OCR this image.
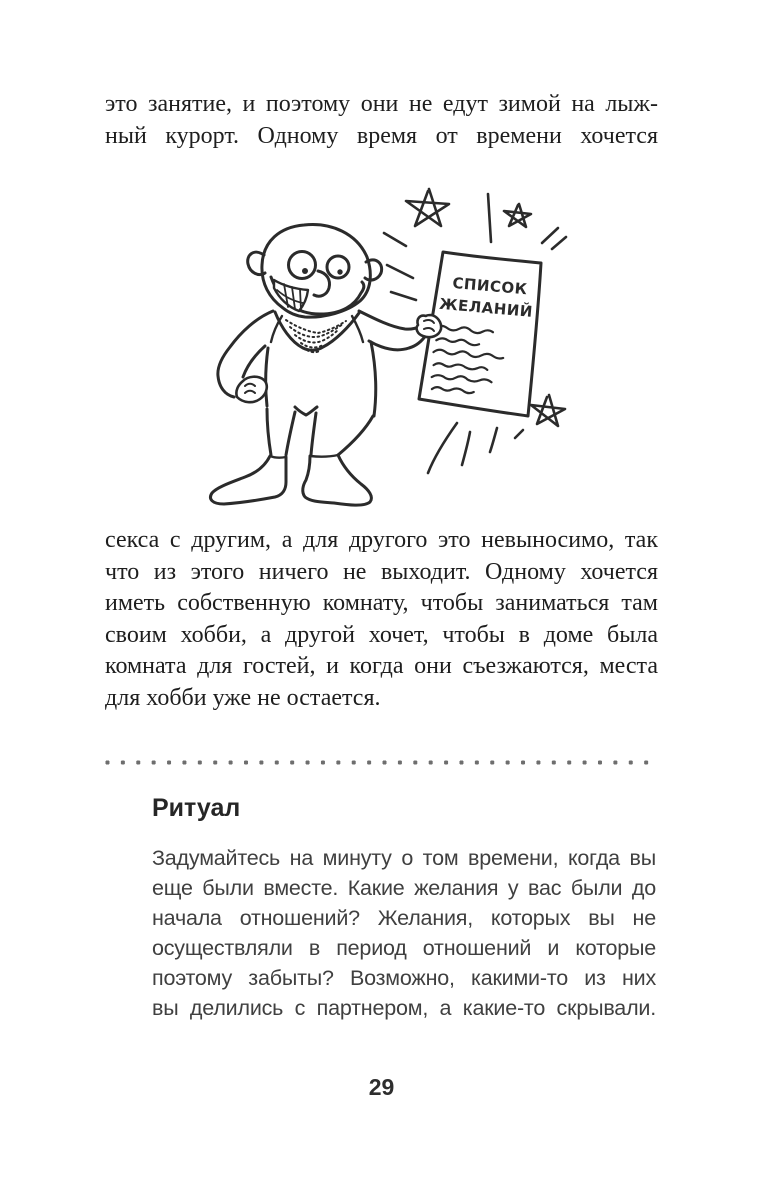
это занятие, и поэтому они не едут зимой на лыж-
ный курорт. Одному время от времени хочется
СПИСОК
ЖЕЛАНИЙ
секса с другим, а для другого это невыносимо, так
что из этого ничего не выходит. Одному хочется
иметь собственную комнату, чтобы заниматься там
своим хобби, а другой хочет, чтобы в доме была
комната для гостей, и когда они съезжаются, места
для хобби уже не остается.
Ритуал
Задумайтесь на минуту о том времени, когда вы
еще были вместе. Какие желания у вас были до
начала отношений? Желания, которых вы не
осуществляли в период отношений и которые
поэтому забыты? Возможно, какими-то из них
вы делились с партнером, а какие-то скрывали.
29
